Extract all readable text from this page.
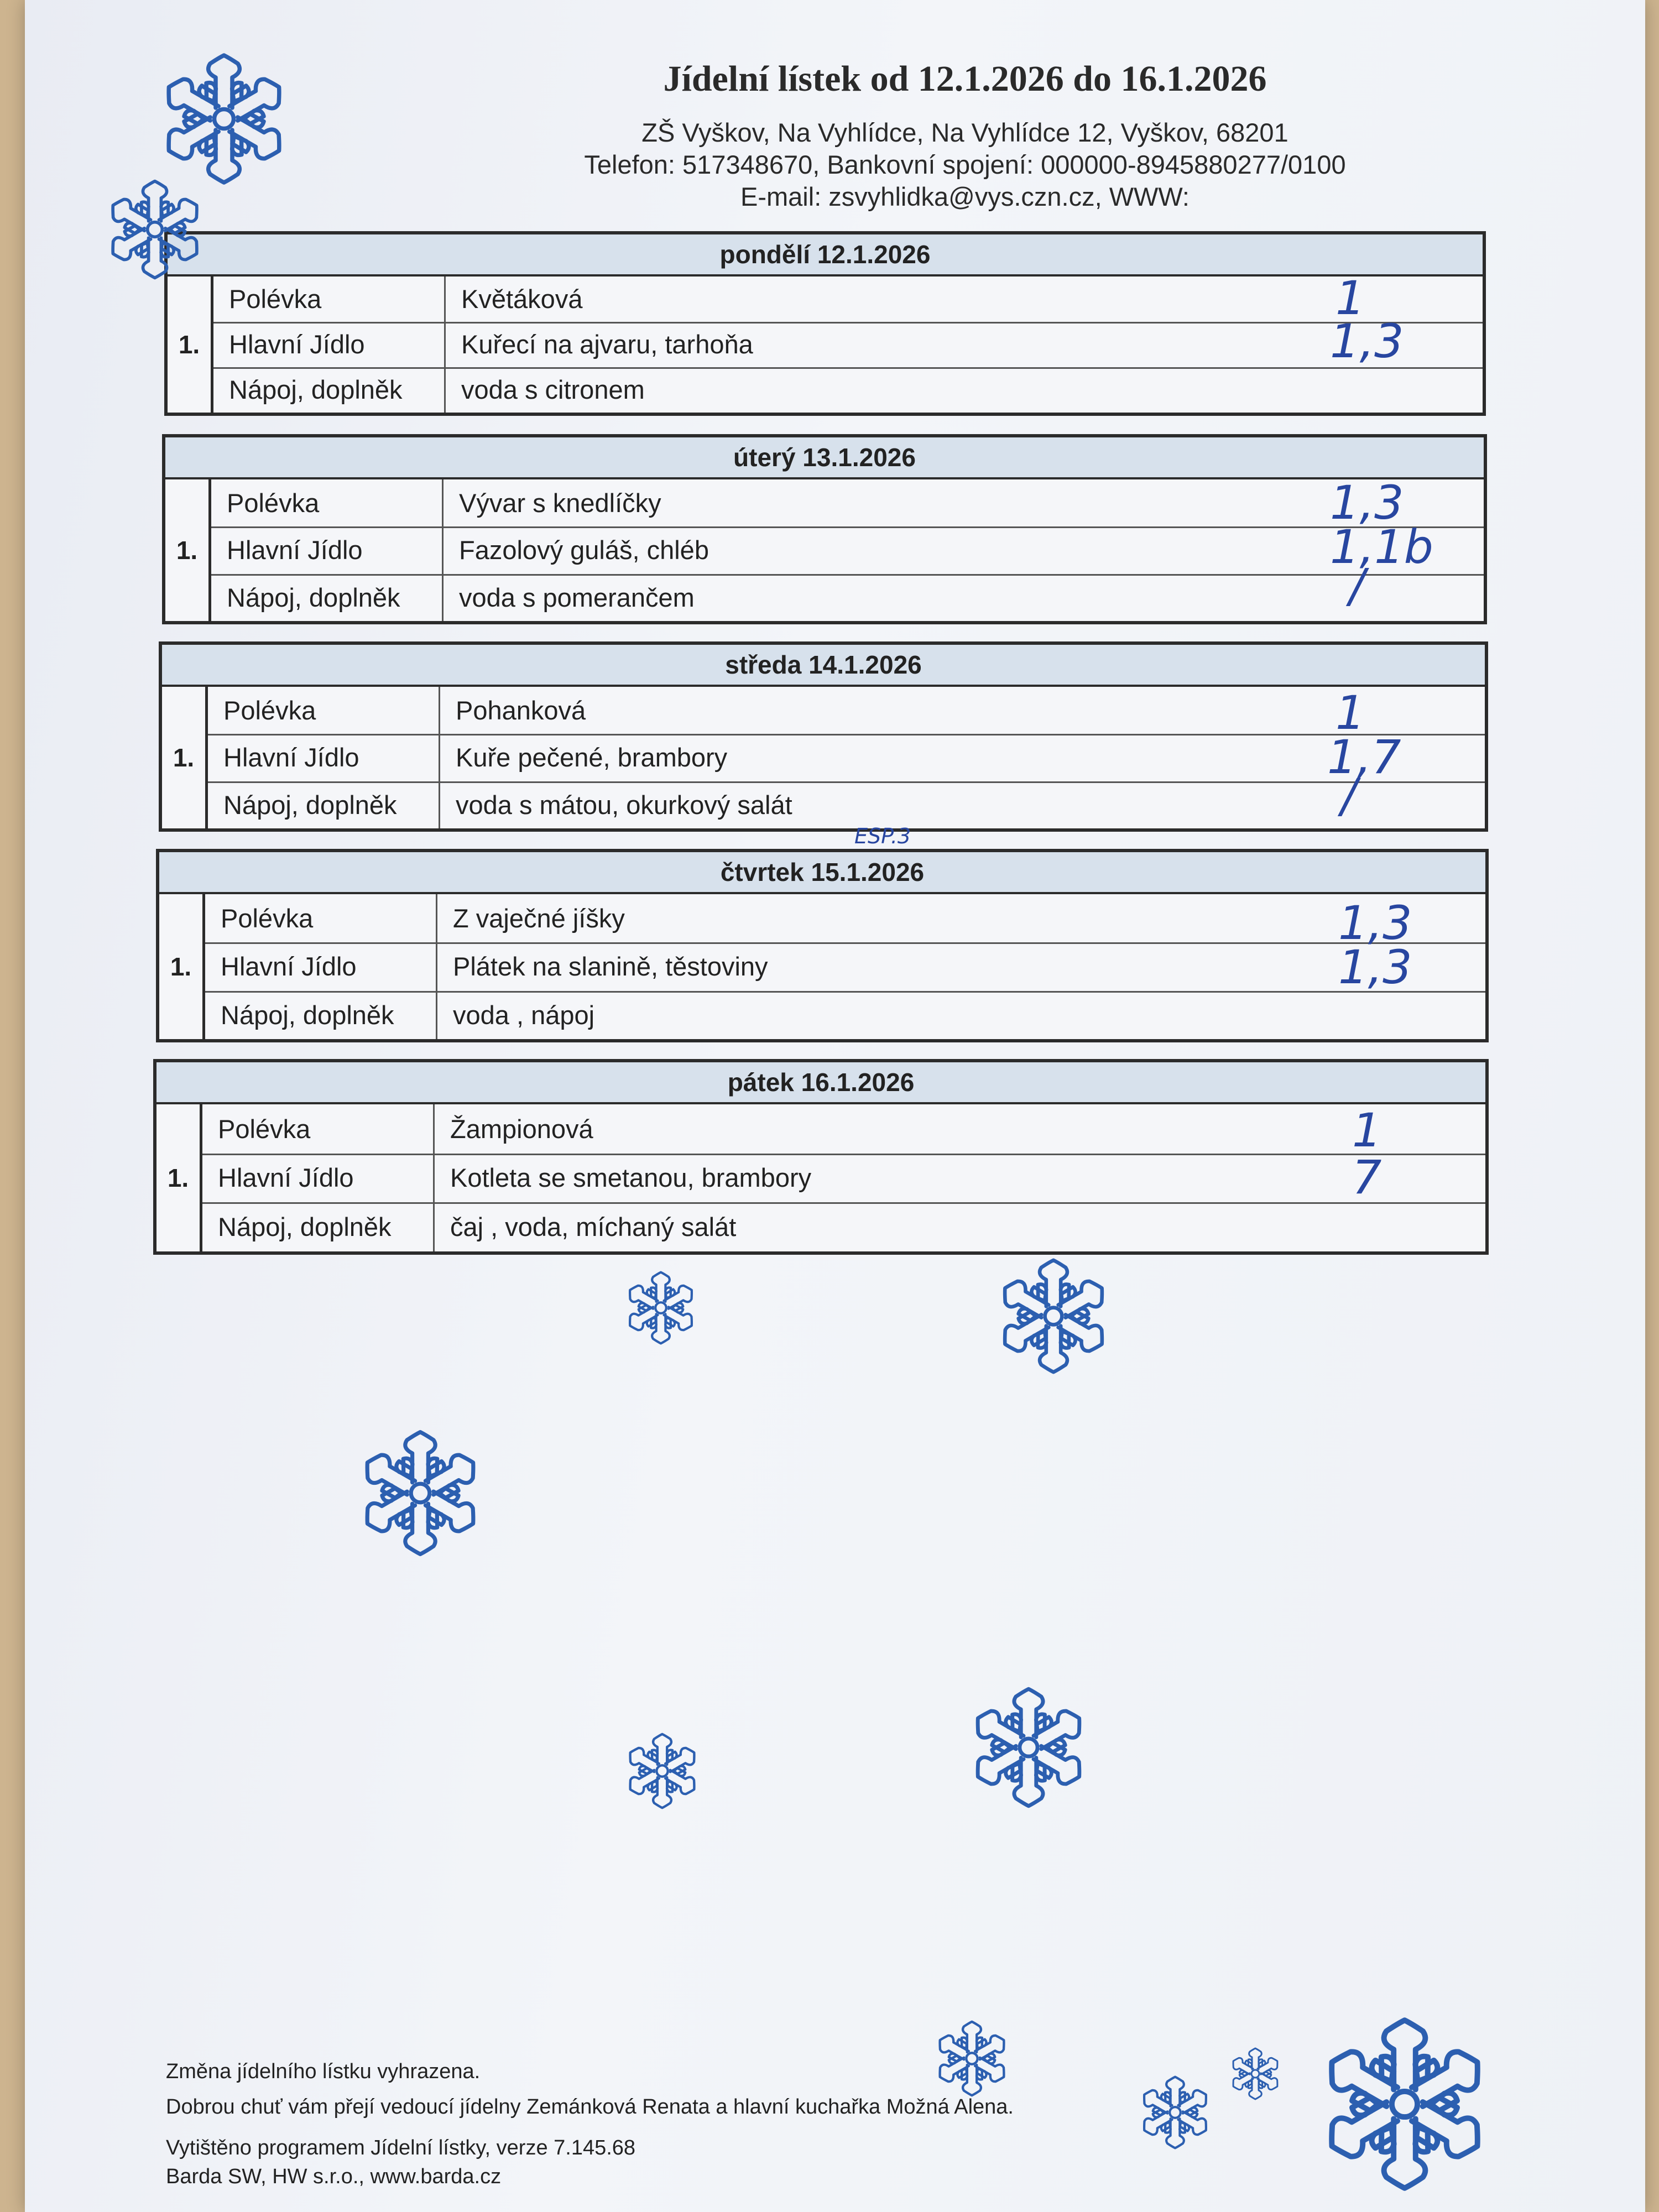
Jídelní lístek od 12.1.2026 do 16.1.2026
ZŠ Vyškov, Na Vyhlídce, Na Vyhlídce 12, Vyškov, 68201
Telefon: 517348670, Bankovní spojení: 000000-8945880277/0100
E-mail: zsvyhlidka@vys.czn.cz, WWW:
pondělí 12.1.2026
1.
Polévka	Květáková
Hlavní Jídlo	Kuřecí na ajvaru, tarhoňa
Nápoj, doplněk	voda s citronem
1
1,3
úterý 13.1.2026
1.
Polévka	Vývar s knedlíčky
Hlavní Jídlo	Fazolový guláš, chléb
Nápoj, doplněk	voda s pomerančem
1,3
1,1b
/
středa 14.1.2026
1.
Polévka	Pohanková
Hlavní Jídlo	Kuře pečené, brambory
Nápoj, doplněk	voda s mátou, okurkový salát
1
1,7
/
ESP.3
čtvrtek 15.1.2026
1.
Polévka	Z vaječné jíšky
Hlavní Jídlo	Plátek na slanině, těstoviny
Nápoj, doplněk	voda , nápoj
1,3
1,3
pátek 16.1.2026
1.
Polévka	Žampionová
Hlavní Jídlo	Kotleta se smetanou, brambory
Nápoj, doplněk	čaj , voda, míchaný salát
1
7
Změna jídelního lístku vyhrazena.
Dobrou chuť vám přejí vedoucí jídelny Zemánková Renata a hlavní kuchařka Možná Alena.
Vytištěno programem Jídelní lístky, verze 7.145.68
Barda SW, HW s.r.o., www.barda.cz
